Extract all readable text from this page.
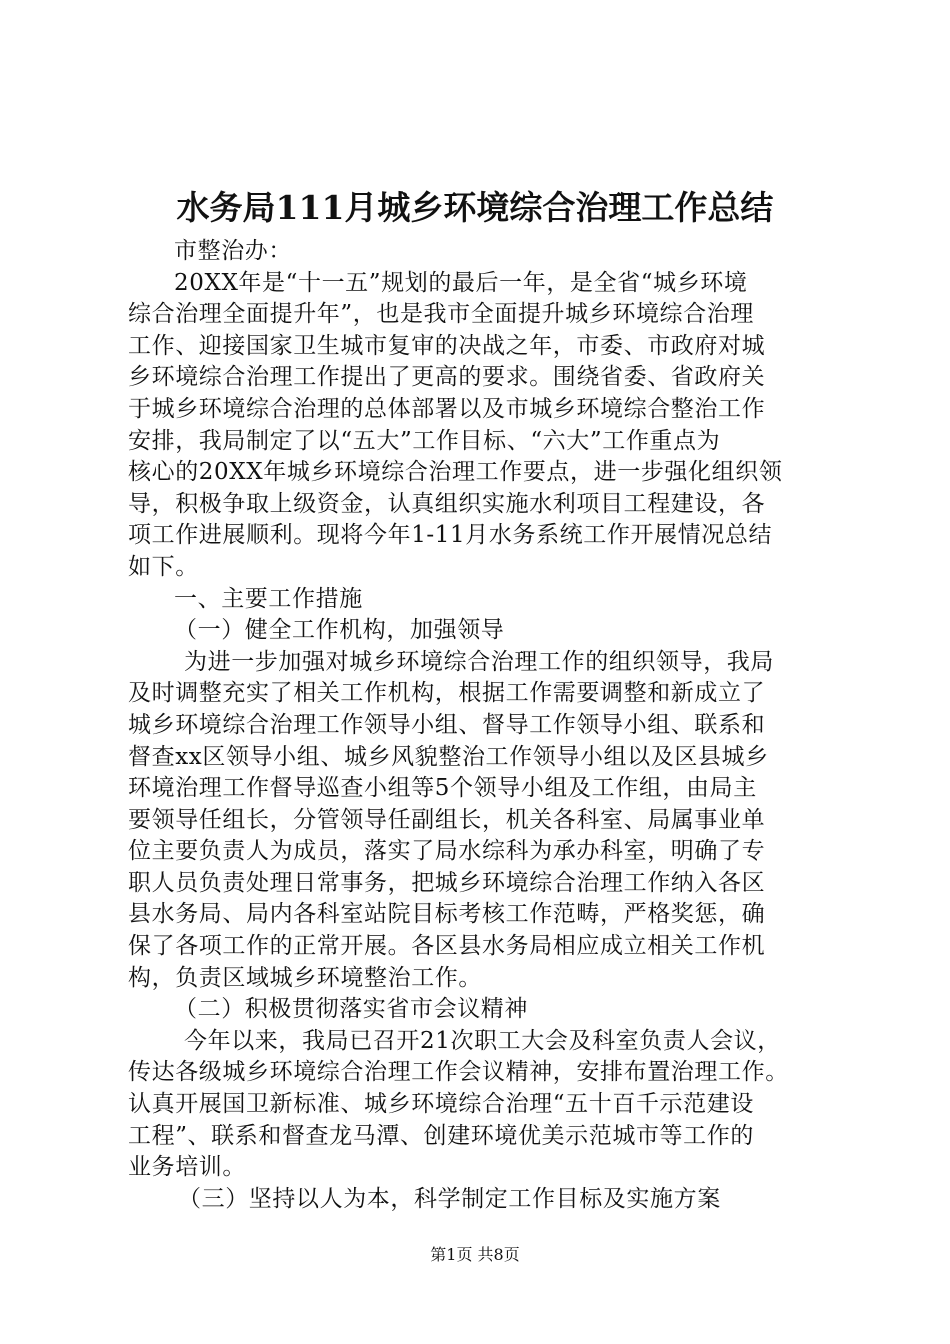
水务局111月城乡环境综合治理工作总结
市整治办：
20XX年是“十一五”规划的最后一年，是全省“城乡环境
综合治理全面提升年”，也是我市全面提升城乡环境综合治理
工作、迎接国家卫生城市复审的决战之年，市委、市政府对城
乡环境综合治理工作提出了更高的要求。围绕省委、省政府关
于城乡环境综合治理的总体部署以及市城乡环境综合整治工作
安排，我局制定了以“五大”工作目标、“六大”工作重点为
核心的20XX年城乡环境综合治理工作要点，进一步强化组织领
导，积极争取上级资金，认真组织实施水利项目工程建设，各
项工作进展顺利。现将今年1-11月水务系统工作开展情况总结
如下。
一、主要工作措施
（一）健全工作机构，加强领导
为进一步加强对城乡环境综合治理工作的组织领导，我局
及时调整充实了相关工作机构，根据工作需要调整和新成立了
城乡环境综合治理工作领导小组、督导工作领导小组、联系和
督查xx区领导小组、城乡风貌整治工作领导小组以及区县城乡
环境治理工作督导巡查小组等5个领导小组及工作组，由局主
要领导任组长，分管领导任副组长，机关各科室、局属事业单
位主要负责人为成员，落实了局水综科为承办科室，明确了专
职人员负责处理日常事务，把城乡环境综合治理工作纳入各区
县水务局、局内各科室站院目标考核工作范畴，严格奖惩，确
保了各项工作的正常开展。各区县水务局相应成立相关工作机
构，负责区域城乡环境整治工作。
（二）积极贯彻落实省市会议精神
今年以来，我局已召开21次职工大会及科室负责人会议，
传达各级城乡环境综合治理工作会议精神，安排布置治理工作。
认真开展国卫新标准、城乡环境综合治理“五十百千示范建设
工程”、联系和督查龙马潭、创建环境优美示范城市等工作的
业务培训。
（三）坚持以人为本，科学制定工作目标及实施方案
第1页 共8页
